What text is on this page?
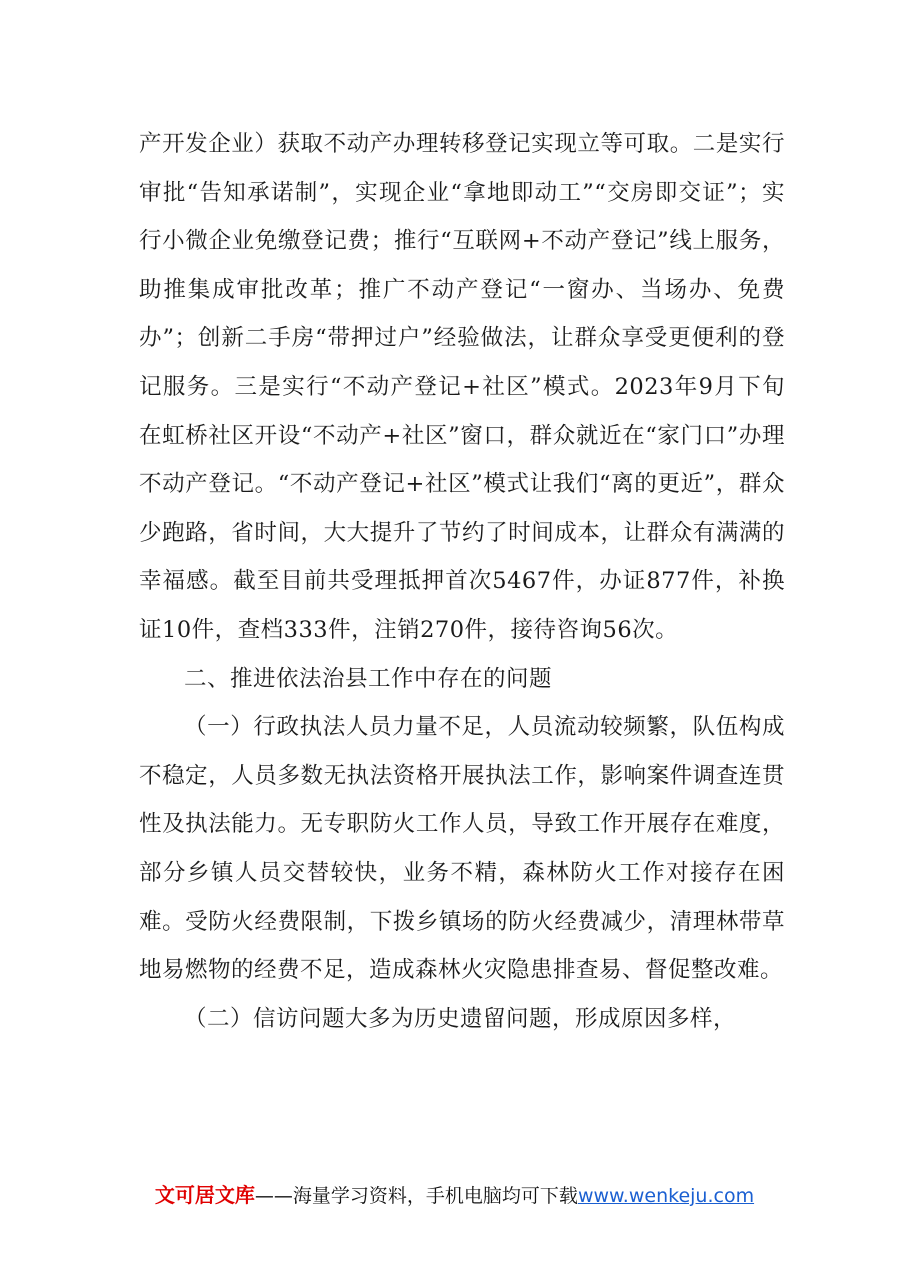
产开发企业）获取不动产办理转移登记实现立等可取。二是实行审批“告知承诺制”，实现企业“拿地即动工”“交房即交证”；实行小微企业免缴登记费；推行“互联网+不动产登记”线上服务，助推集成审批改革；推广不动产登记“一窗办、当场办、免费办”；创新二手房“带押过户”经验做法，让群众享受更便利的登记服务。三是实行“不动产登记+社区”模式。2023年9月下旬在虹桥社区开设“不动产+社区”窗口，群众就近在“家门口”办理不动产登记。“不动产登记+社区”模式让我们“离的更近”，群众少跑路，省时间，大大提升了节约了时间成本，让群众有满满的幸福感。截至目前共受理抵押首次5467件，办证877件，补换证10件，查档333件，注销270件，接待咨询56次。

二、推进依法治县工作中存在的问题

（一）行政执法人员力量不足，人员流动较频繁，队伍构成不稳定，人员多数无执法资格开展执法工作，影响案件调查连贯性及执法能力。无专职防火工作人员，导致工作开展存在难度，部分乡镇人员交替较快，业务不精，森林防火工作对接存在困难。受防火经费限制，下拨乡镇场的防火经费减少，清理林带草地易燃物的经费不足，造成森林火灾隐患排查易、督促整改难。

（二）信访问题大多为历史遗留问题，形成原因多样，

文可居文库——海量学习资料，手机电脑均可下载www.wenkeju.com
